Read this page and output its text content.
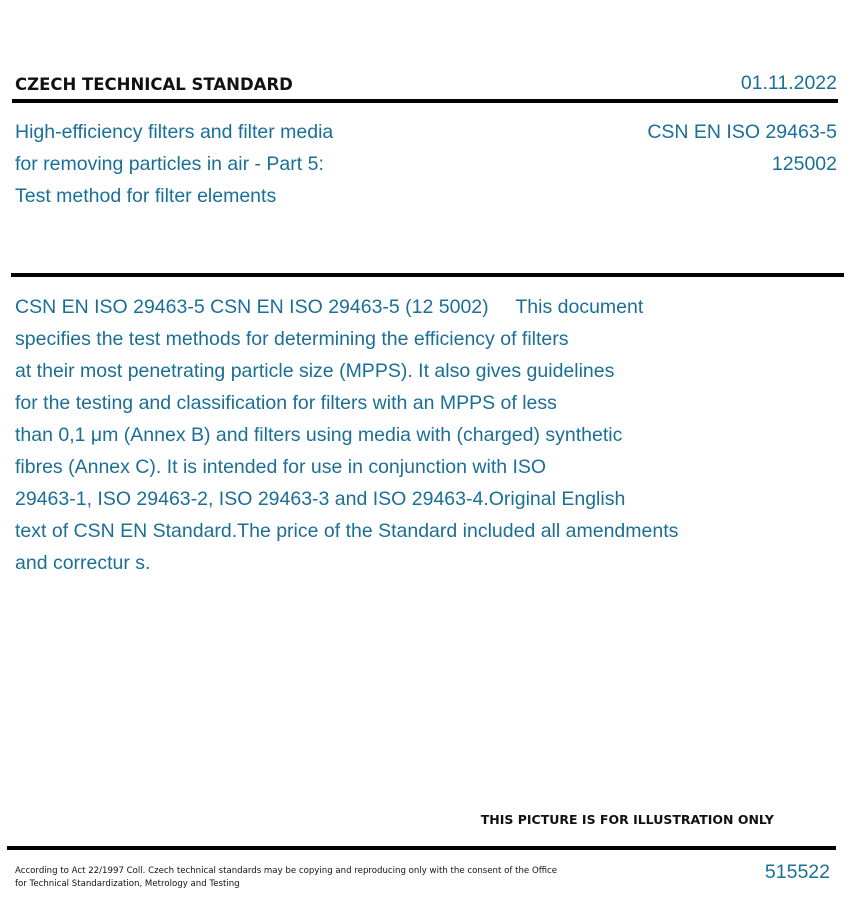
CZECH TECHNICAL STANDARD	01.11.2022
High-efficiency filters and filter media
for removing particles in air - Part 5:
Test method for filter elements
CSN EN ISO 29463-5
125002
CSN EN ISO 29463-5 CSN EN ISO 29463-5 (12 5002)     This document
specifies the test methods for determining the efficiency of filters
at their most penetrating particle size (MPPS). It also gives guidelines
for the testing and classification for filters with an MPPS of less
than 0,1 μm (Annex B) and filters using media with (charged) synthetic
fibres (Annex C). It is intended for use in conjunction with ISO
29463-1, ISO 29463-2, ISO 29463-3 and ISO 29463-4.Original English
text of CSN EN Standard.The price of the Standard included all amendments
and correctur s.
THIS PICTURE IS FOR ILLUSTRATION ONLY
According to Act 22/1997 Coll. Czech technical standards may be copying and reproducing only with the consent of the Office
for Technical Standardization, Metrology and Testing
515522
